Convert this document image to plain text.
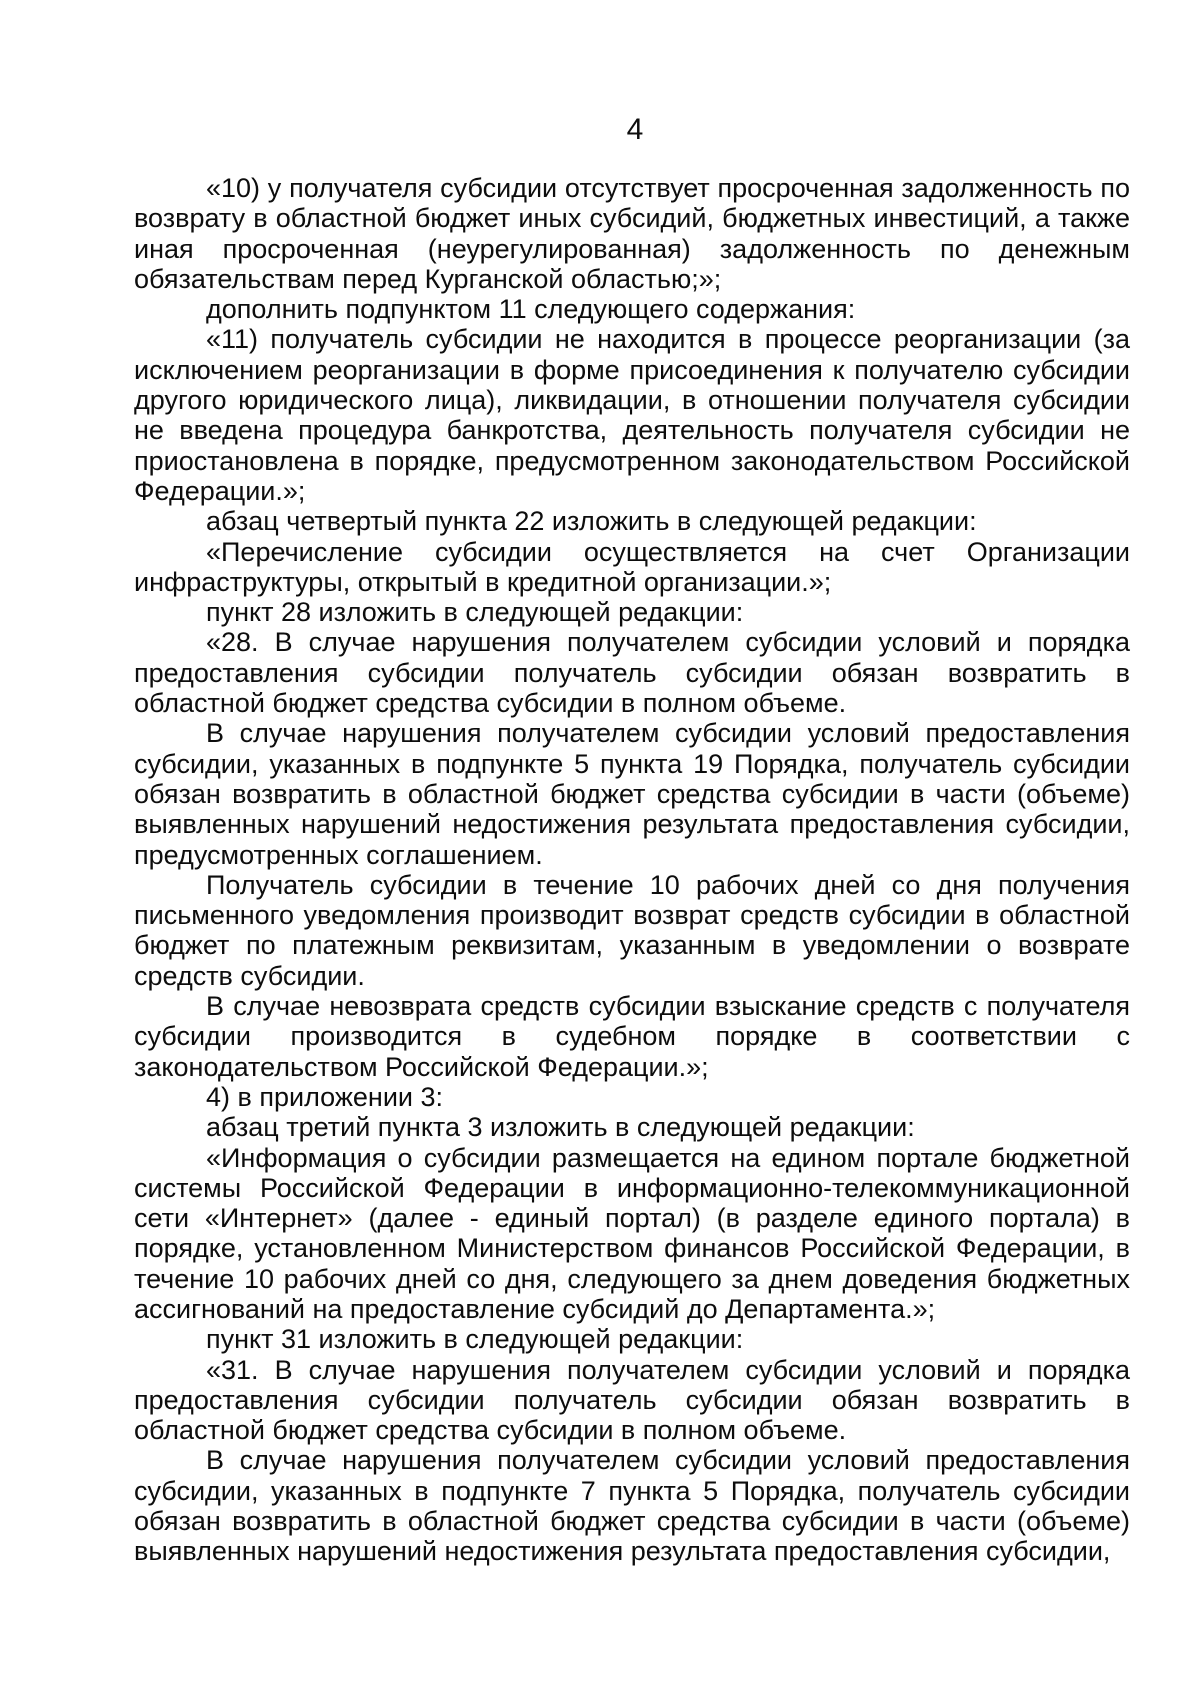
4

«10) у получателя субсидии отсутствует просроченная задолженность по возврату в областной бюджет иных субсидий, бюджетных инвестиций, а также иная просроченная (неурегулированная) задолженность по денежным обязательствам перед Курганской областью;»;

дополнить подпунктом 11 следующего содержания:

«11) получатель субсидии не находится в процессе реорганизации (за исключением реорганизации в форме присоединения к получателю субсидии другого юридического лица), ликвидации, в отношении получателя субсидии не введена процедура банкротства, деятельность получателя субсидии не приостановлена в порядке, предусмотренном законодательством Российской Федерации.»;

абзац четвертый пункта 22 изложить в следующей редакции:

«Перечисление субсидии осуществляется на счет Организации инфраструктуры, открытый в кредитной организации.»;

пункт 28 изложить в следующей редакции:

«28. В случае нарушения получателем субсидии условий и порядка предоставления субсидии получатель субсидии обязан возвратить в областной бюджет средства субсидии в полном объеме.

В случае нарушения получателем субсидии условий предоставления субсидии, указанных в подпункте 5 пункта 19 Порядка, получатель субсидии обязан возвратить в областной бюджет средства субсидии в части (объеме) выявленных нарушений недостижения результата предоставления субсидии, предусмотренных соглашением.

Получатель субсидии в течение 10 рабочих дней со дня получения письменного уведомления производит возврат средств субсидии в областной бюджет по платежным реквизитам, указанным в уведомлении о возврате средств субсидии.

В случае невозврата средств субсидии взыскание средств с получателя субсидии производится в судебном порядке в соответствии с законодательством Российской Федерации.»;

4) в приложении 3:

абзац третий пункта 3 изложить в следующей редакции:

«Информация о субсидии размещается на едином портале бюджетной системы Российской Федерации в информационно-телекоммуникационной сети «Интернет» (далее - единый портал) (в разделе единого портала) в порядке, установленном Министерством финансов Российской Федерации, в течение 10 рабочих дней со дня, следующего за днем доведения бюджетных ассигнований на предоставление субсидий до Департамента.»;

пункт 31 изложить в следующей редакции:

«31. В случае нарушения получателем субсидии условий и порядка предоставления субсидии получатель субсидии обязан возвратить в областной бюджет средства субсидии в полном объеме.

В случае нарушения получателем субсидии условий предоставления субсидии, указанных в подпункте 7 пункта 5 Порядка, получатель субсидии обязан возвратить в областной бюджет средства субсидии в части (объеме) выявленных нарушений недостижения результата предоставления субсидии,
